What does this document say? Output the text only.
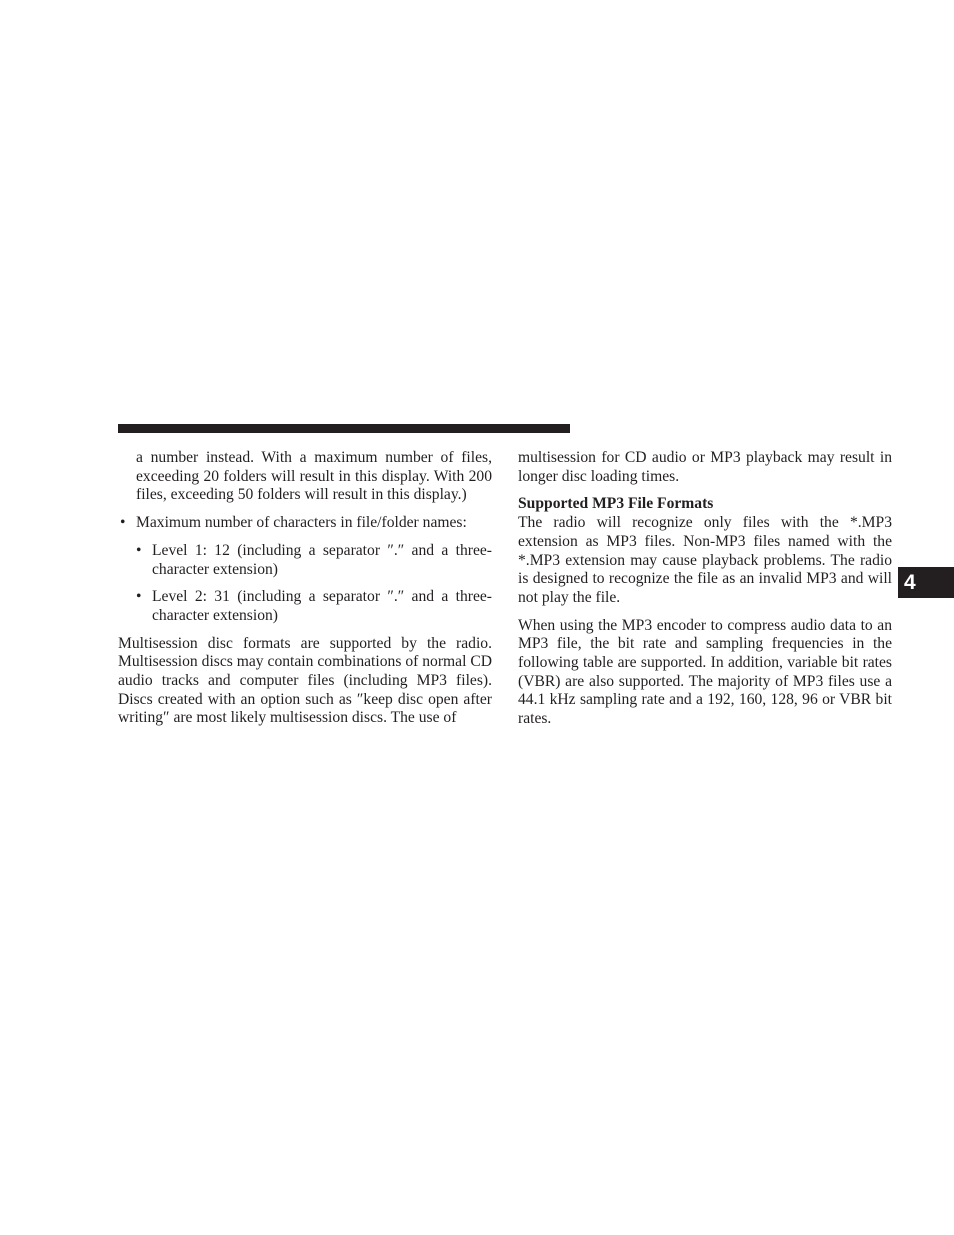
a number instead. With a maximum number of files, exceeding 20 folders will result in this display. With 200 files, exceeding 50 folders will result in this display.)

• Maximum number of characters in file/folder names:

• Level 1: 12 (including a separator ″.″ and a three-character extension)

• Level 2: 31 (including a separator ″.″ and a three-character extension)

Multisession disc formats are supported by the radio. Multisession discs may contain combinations of normal CD audio tracks and computer files (including MP3 files). Discs created with an option such as ″keep disc open after writing″ are most likely multisession discs. The use of

multisession for CD audio or MP3 playback may result in longer disc loading times.

Supported MP3 File Formats

The radio will recognize only files with the *.MP3 extension as MP3 files. Non-MP3 files named with the *.MP3 extension may cause playback problems. The radio is designed to recognize the file as an invalid MP3 and will not play the file.

When using the MP3 encoder to compress audio data to an MP3 file, the bit rate and sampling frequencies in the following table are supported. In addition, variable bit rates (VBR) are also supported. The majority of MP3 files use a 44.1 kHz sampling rate and a 192, 160, 128, 96 or VBR bit rates.

4
